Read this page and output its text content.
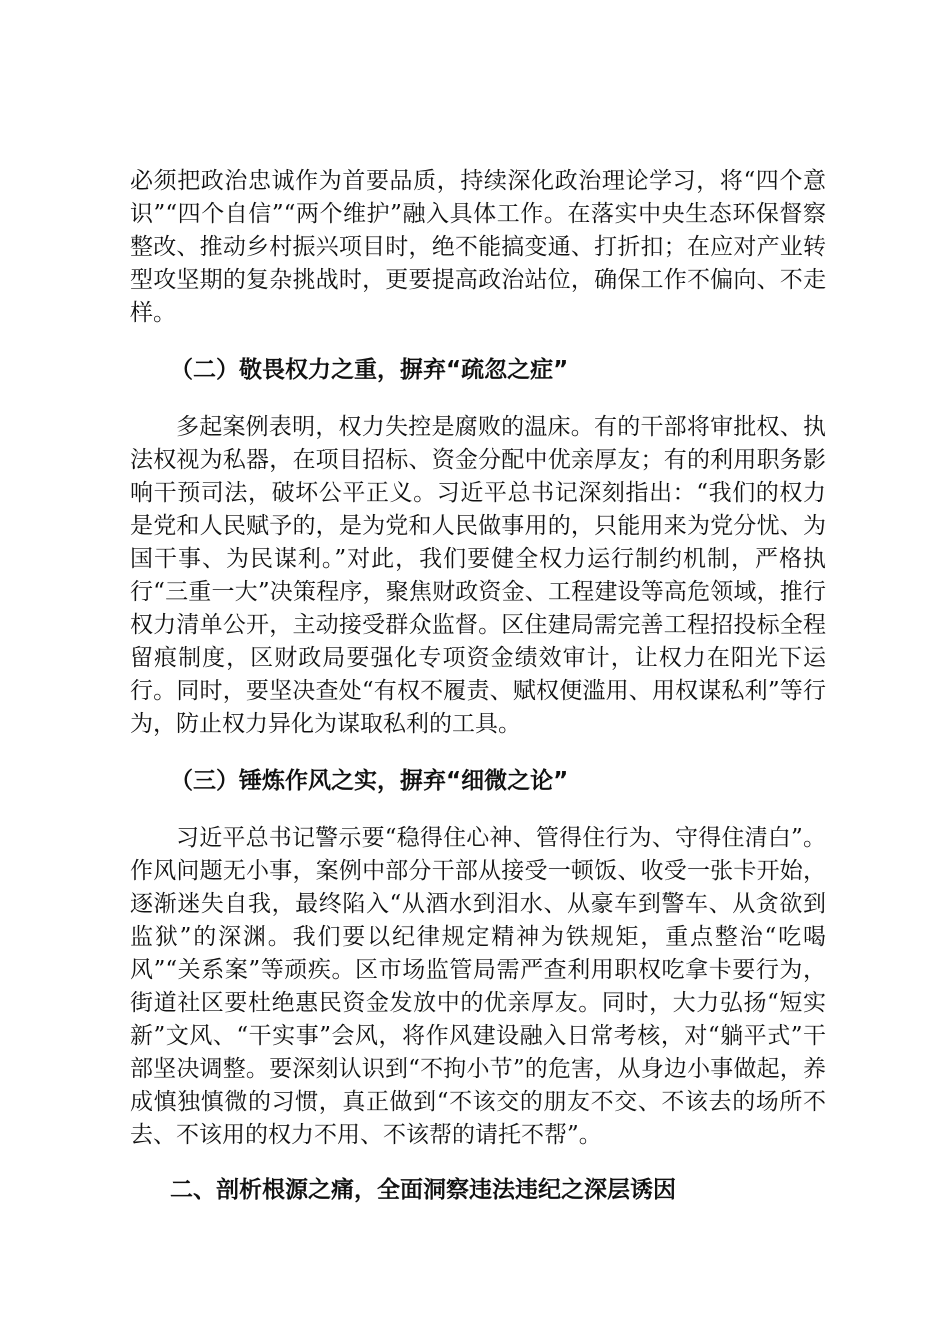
必须把政治忠诚作为首要品质，持续深化政治理论学习，将“四个意识”“四个自信”“两个维护”融入具体工作。在落实中央生态环保督察整改、推动乡村振兴项目时，绝不能搞变通、打折扣；在应对产业转型攻坚期的复杂挑战时，更要提高政治站位，确保工作不偏向、不走样。

（二）敬畏权力之重，摒弃“疏忽之症”

多起案例表明，权力失控是腐败的温床。有的干部将审批权、执法权视为私器，在项目招标、资金分配中优亲厚友；有的利用职务影响干预司法，破坏公平正义。习近平总书记深刻指出：“我们的权力是党和人民赋予的，是为党和人民做事用的，只能用来为党分忧、为国干事、为民谋利。”对此，我们要健全权力运行制约机制，严格执行“三重一大”决策程序，聚焦财政资金、工程建设等高危领域，推行权力清单公开，主动接受群众监督。区住建局需完善工程招投标全程留痕制度，区财政局要强化专项资金绩效审计，让权力在阳光下运行。同时，要坚决查处“有权不履责、赋权便滥用、用权谋私利”等行为，防止权力异化为谋取私利的工具。

（三）锤炼作风之实，摒弃“细微之论”

习近平总书记警示要“稳得住心神、管得住行为、守得住清白”。作风问题无小事，案例中部分干部从接受一顿饭、收受一张卡开始，逐渐迷失自我，最终陷入“从酒水到泪水、从豪车到警车、从贪欲到监狱”的深渊。我们要以纪律规定精神为铁规矩，重点整治“吃喝风”“关系案”等顽疾。区市场监管局需严查利用职权吃拿卡要行为，街道社区要杜绝惠民资金发放中的优亲厚友。同时，大力弘扬“短实新”文风、“干实事”会风，将作风建设融入日常考核，对“躺平式”干部坚决调整。要深刻认识到“不拘小节”的危害，从身边小事做起，养成慎独慎微的习惯，真正做到“不该交的朋友不交、不该去的场所不去、不该用的权力不用、不该帮的请托不帮”。

二、剖析根源之痛，全面洞察违法违纪之深层诱因
